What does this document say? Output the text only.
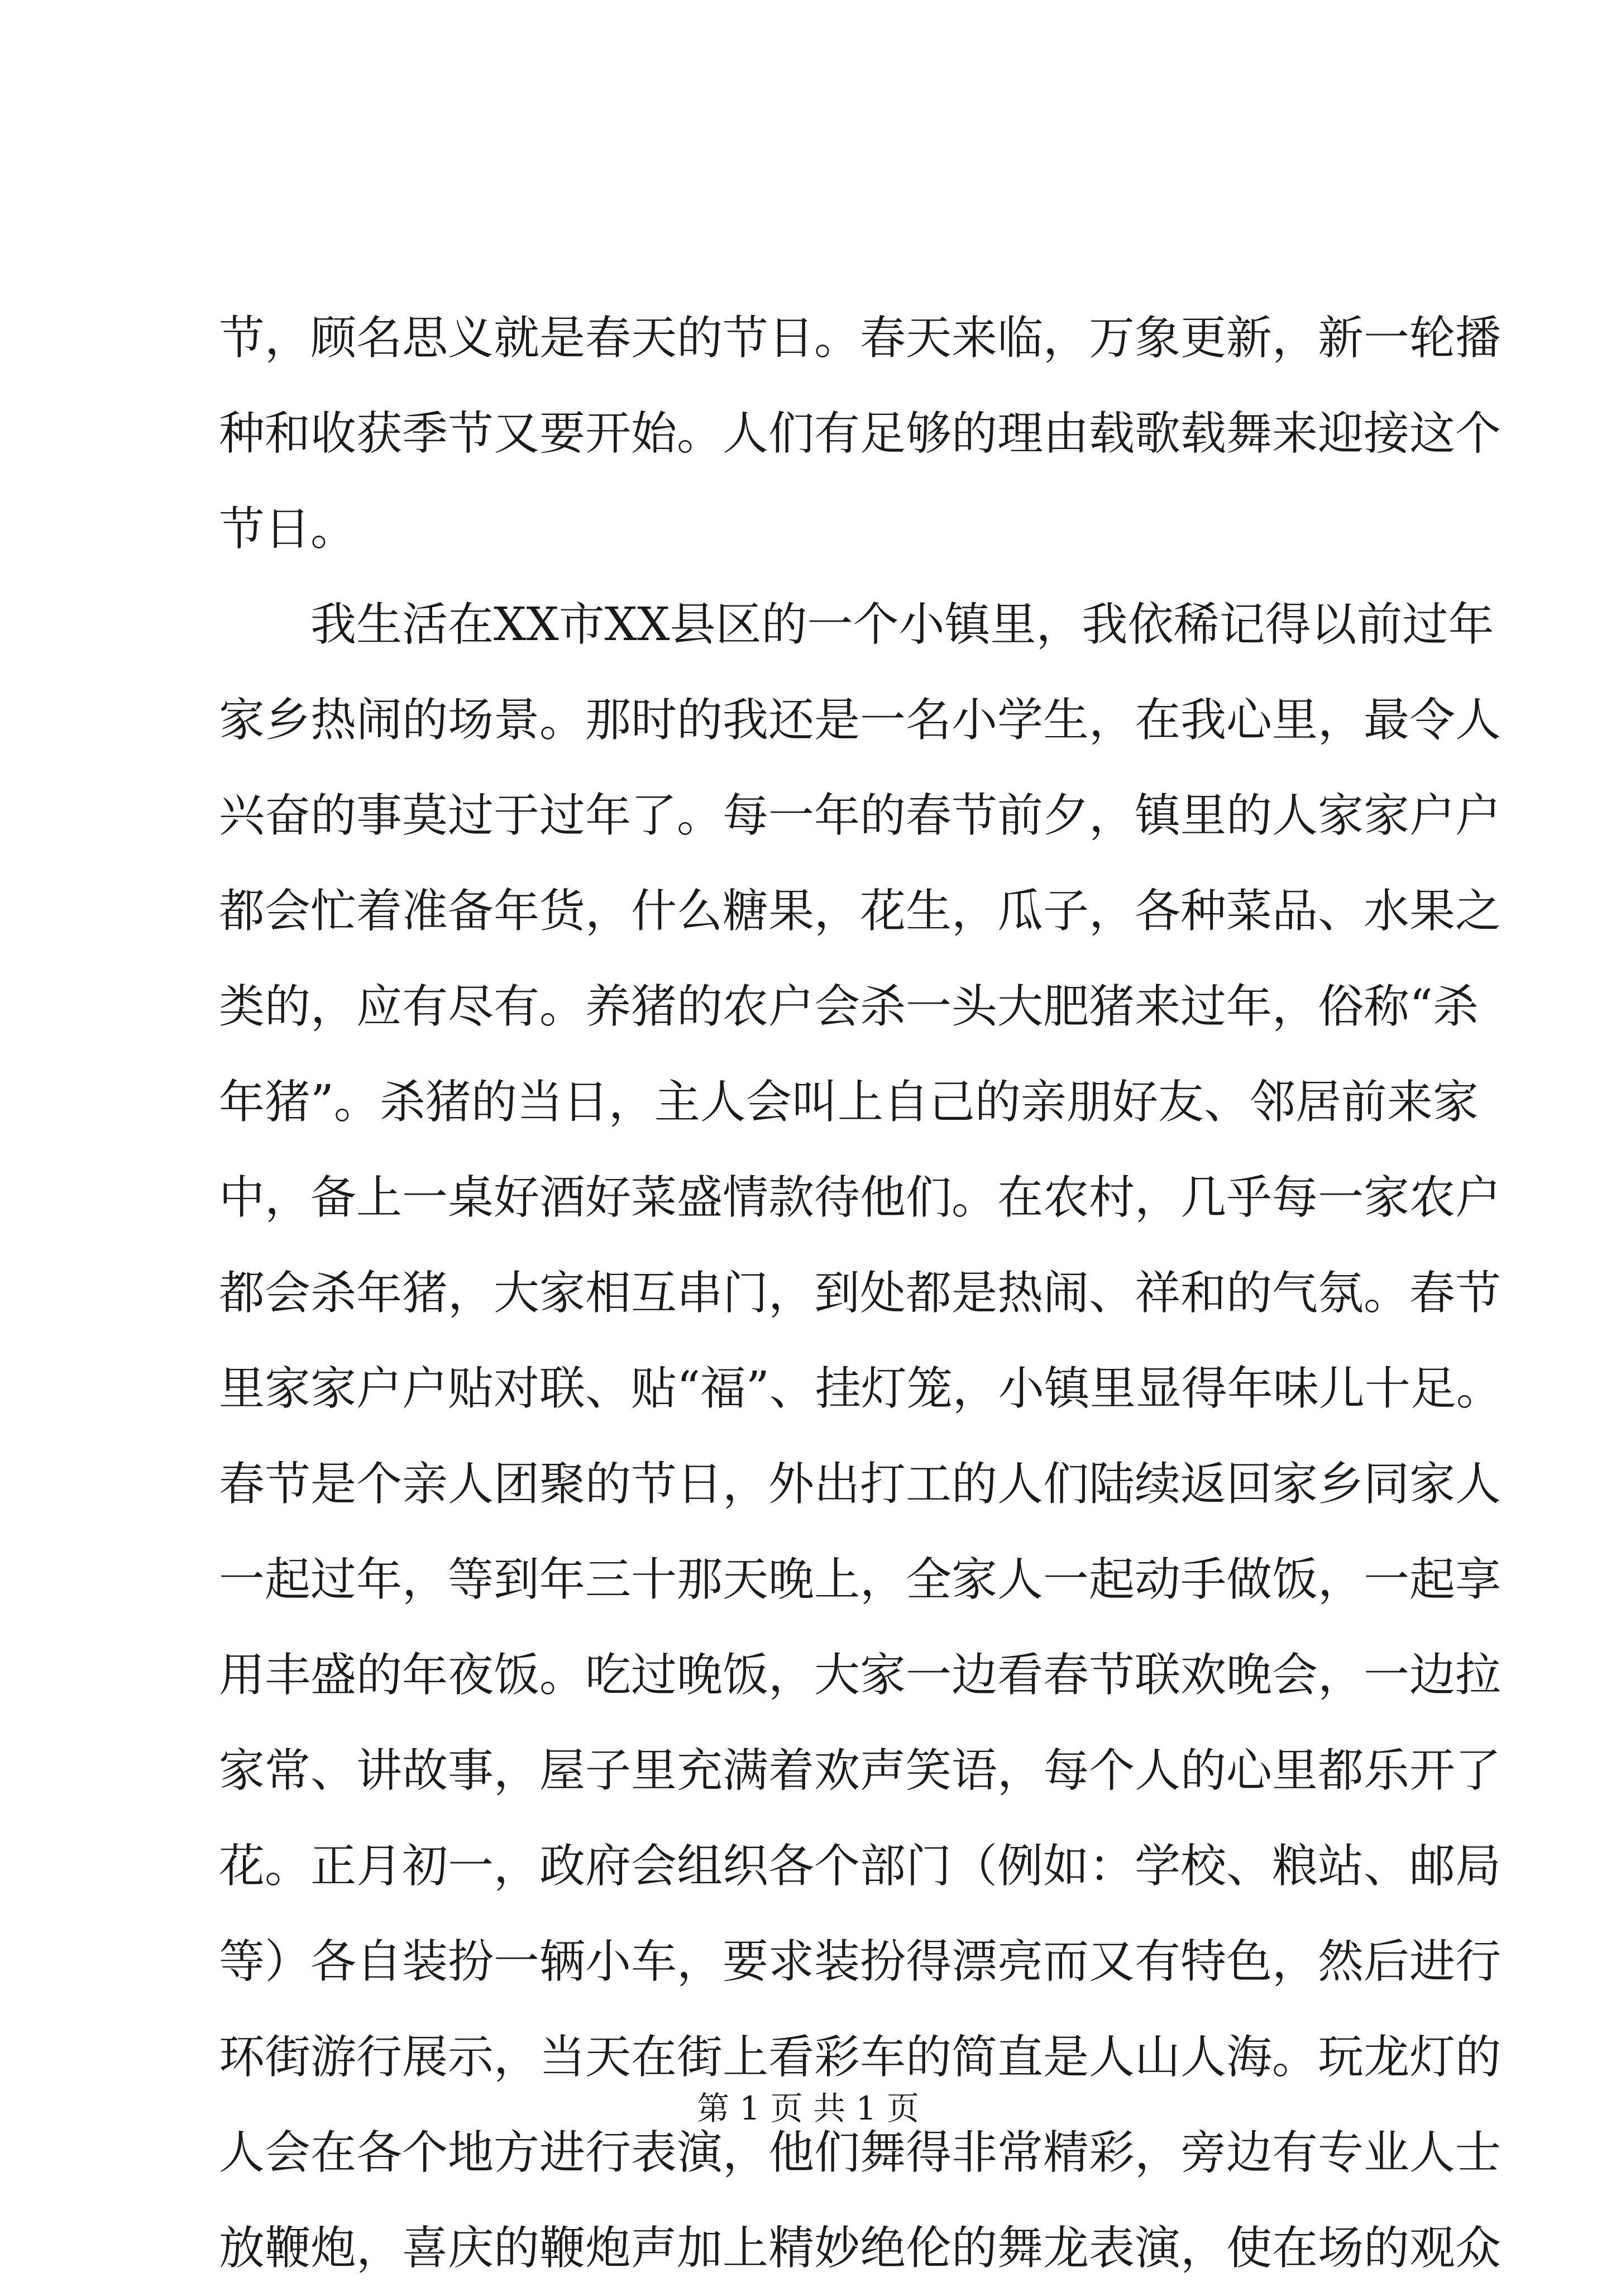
节，顾名思义就是春天的节日。春天来临，万象更新，新一轮播
种和收获季节又要开始。人们有足够的理由载歌载舞来迎接这个
节日。
我生活在XX市XX县区的一个小镇里，我依稀记得以前过年
家乡热闹的场景。那时的我还是一名小学生，在我心里，最令人
兴奋的事莫过于过年了。每一年的春节前夕，镇里的人家家户户
都会忙着准备年货，什么糖果，花生，瓜子，各种菜品、水果之
类的，应有尽有。养猪的农户会杀一头大肥猪来过年，俗称“杀
年猪”。杀猪的当日，主人会叫上自己的亲朋好友、邻居前来家
中，备上一桌好酒好菜盛情款待他们。在农村，几乎每一家农户
都会杀年猪，大家相互串门，到处都是热闹、祥和的气氛。春节
里家家户户贴对联、贴“福”、挂灯笼，小镇里显得年味儿十足。
春节是个亲人团聚的节日，外出打工的人们陆续返回家乡同家人
一起过年，等到年三十那天晚上，全家人一起动手做饭，一起享
用丰盛的年夜饭。吃过晚饭，大家一边看春节联欢晚会，一边拉
家常、讲故事，屋子里充满着欢声笑语，每个人的心里都乐开了
花。正月初一，政府会组织各个部门（例如：学校、粮站、邮局
等）各自装扮一辆小车，要求装扮得漂亮而又有特色，然后进行
环街游行展示，当天在街上看彩车的简直是人山人海。玩龙灯的
人会在各个地方进行表演，他们舞得非常精彩，旁边有专业人士
放鞭炮，喜庆的鞭炮声加上精妙绝伦的舞龙表演，使在场的观众
第 1 页 共 1 页
